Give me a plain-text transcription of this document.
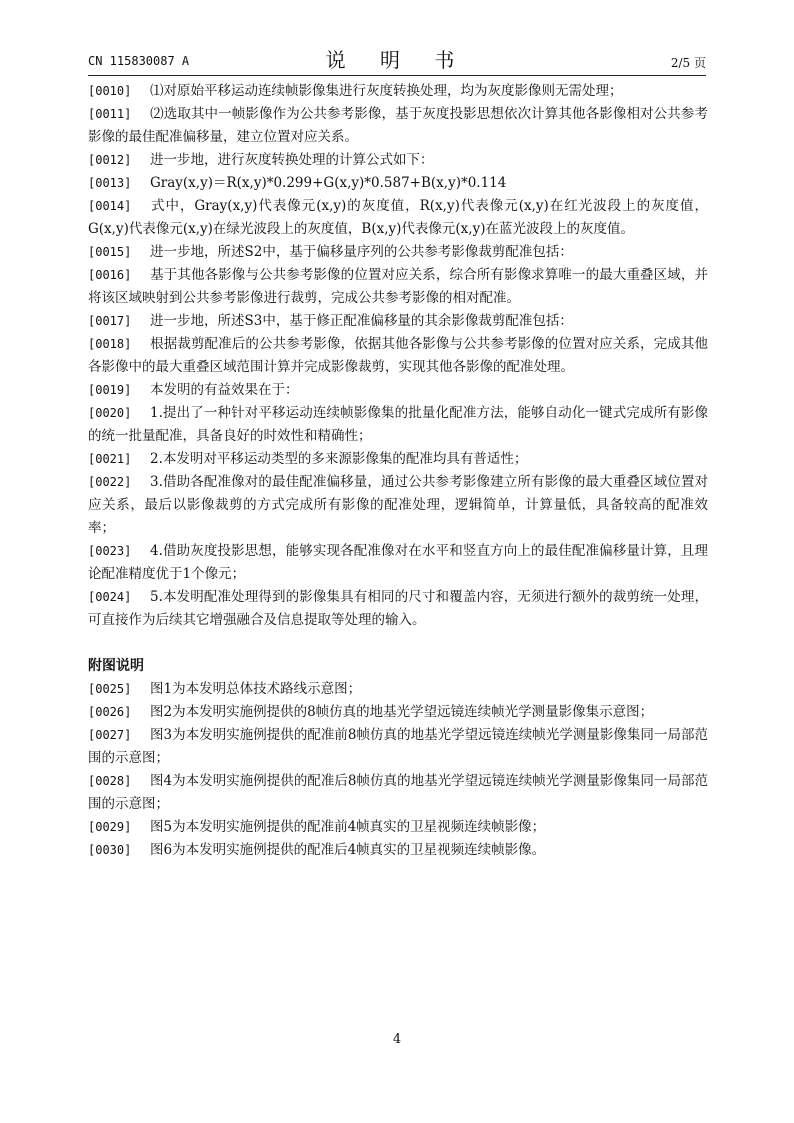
CN 115830087 A	说 明 书	2/5 页

[0010] ⑴对原始平移运动连续帧影像集进行灰度转换处理，均为灰度影像则无需处理；

[0011] ⑵选取其中一帧影像作为公共参考影像，基于灰度投影思想依次计算其他各影像相对公共参考影像的最佳配准偏移量，建立位置对应关系。

[0012] 进一步地，进行灰度转换处理的计算公式如下：

[0013] Gray(x,y)＝R(x,y)*0.299+G(x,y)*0.587+B(x,y)*0.114

[0014] 式中，Gray(x,y)代表像元(x,y)的灰度值，R(x,y)代表像元(x,y)在红光波段上的灰度值，G(x,y)代表像元(x,y)在绿光波段上的灰度值，B(x,y)代表像元(x,y)在蓝光波段上的灰度值。

[0015] 进一步地，所述S2中，基于偏移量序列的公共参考影像裁剪配准包括：

[0016] 基于其他各影像与公共参考影像的位置对应关系，综合所有影像求算唯一的最大重叠区域，并将该区域映射到公共参考影像进行裁剪，完成公共参考影像的相对配准。

[0017] 进一步地，所述S3中，基于修正配准偏移量的其余影像裁剪配准包括：

[0018] 根据裁剪配准后的公共参考影像，依据其他各影像与公共参考影像的位置对应关系，完成其他各影像中的最大重叠区域范围计算并完成影像裁剪，实现其他各影像的配准处理。

[0019] 本发明的有益效果在于：

[0020] 1.提出了一种针对平移运动连续帧影像集的批量化配准方法，能够自动化一键式完成所有影像的统一批量配准，具备良好的时效性和精确性；

[0021] 2.本发明对平移运动类型的多来源影像集的配准均具有普适性；

[0022] 3.借助各配准像对的最佳配准偏移量，通过公共参考影像建立所有影像的最大重叠区域位置对应关系，最后以影像裁剪的方式完成所有影像的配准处理，逻辑简单，计算量低，具备较高的配准效率；

[0023] 4.借助灰度投影思想，能够实现各配准像对在水平和竖直方向上的最佳配准偏移量计算，且理论配准精度优于1个像元；

[0024] 5.本发明配准处理得到的影像集具有相同的尺寸和覆盖内容，无须进行额外的裁剪统一处理，可直接作为后续其它增强融合及信息提取等处理的输入。

附图说明

[0025] 图1为本发明总体技术路线示意图；

[0026] 图2为本发明实施例提供的8帧仿真的地基光学望远镜连续帧光学测量影像集示意图；

[0027] 图3为本发明实施例提供的配准前8帧仿真的地基光学望远镜连续帧光学测量影像集同一局部范围的示意图；

[0028] 图4为本发明实施例提供的配准后8帧仿真的地基光学望远镜连续帧光学测量影像集同一局部范围的示意图；

[0029] 图5为本发明实施例提供的配准前4帧真实的卫星视频连续帧影像；

[0030] 图6为本发明实施例提供的配准后4帧真实的卫星视频连续帧影像。

4
